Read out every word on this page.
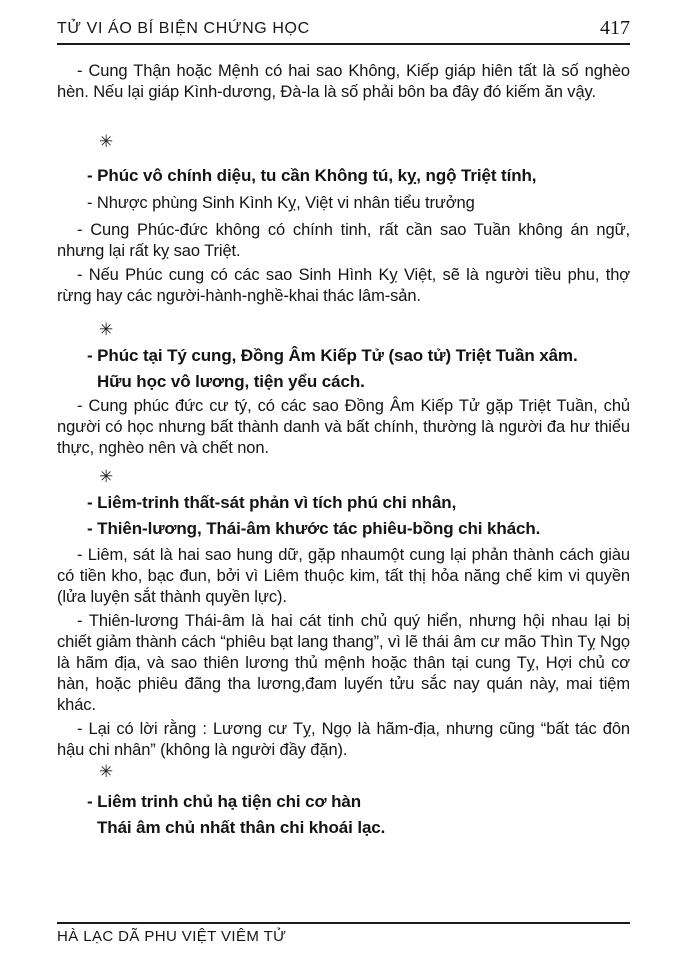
TỬ VI ÁO BÍ BIỆN CHỨNG HỌC	417

- Cung Thận hoặc Mệnh có hai sao Không, Kiếp giáp hiên tất là số nghèo hèn. Nếu lại giáp Kình-dương, Đà-la là số phải bôn ba đây đó kiếm ăn vậy.

✳

- Phúc vô chính diệu, tu cần Không tú, kỵ, ngộ Triệt tính,

- Nhược phùng Sinh Kình Kỵ, Việt vi nhân tiểu trưởng

- Cung Phúc-đức không có chính tinh, rất cần sao Tuần không án ngữ, nhưng lại rất kỵ sao Triệt.

- Nếu Phúc cung có các sao Sinh Hình Kỵ Việt, sẽ là người tiều phu, thợ rừng hay các người-hành-nghề-khai thác lâm-sản.

✳

- Phúc tại Tý cung, Đồng Âm Kiếp Tử (sao tử) Triệt Tuần xâm.

Hữu học vô lương, tiện yểu cách.

- Cung phúc đức cư tý, có các sao Đồng Âm Kiếp Tử gặp Triệt Tuần, chủ người có học nhưng bất thành danh và bất chính, thường là người đa hư thiểu thực, nghèo nên và chết non.

✳

- Liêm-trinh thất-sát phản vì tích phú chi nhân,

- Thiên-lương, Thái-âm khước tác phiêu-bồng chi khách.

- Liêm, sát là hai sao hung dữ, gặp nhaumột cung lại phản thành cách giàu có tiền kho, bạc đun, bởi vì Liêm thuộc kim, tất thị hỏa năng chế kim vi quyền (lửa luyện sắt thành quyền lực).

- Thiên-lương Thái-âm là hai cát tinh chủ quý hiển, nhưng hội nhau lại bị chiết giảm thành cách “phiêu bạt lang thang”, vì lẽ thái âm cư mão Thìn Tỵ Ngọ là hãm địa, và sao thiên lương thủ mệnh hoặc thân tại cung Tỵ, Hợi chủ cơ hàn, hoặc phiêu đãng tha lương,đam luyến tửu sắc nay quán này, mai tiệm khác.

- Lại có lời rằng : Lương cư Tỵ, Ngọ là hãm-địa, nhưng cũng “bất tác đôn hậu chi nhân” (không là người đầy đặn).

✳

- Liêm trinh chủ hạ tiện chi cơ hàn

Thái âm chủ nhất thân chi khoái lạc.

HÀ LẠC DÃ PHU VIỆT VIÊM TỬ
